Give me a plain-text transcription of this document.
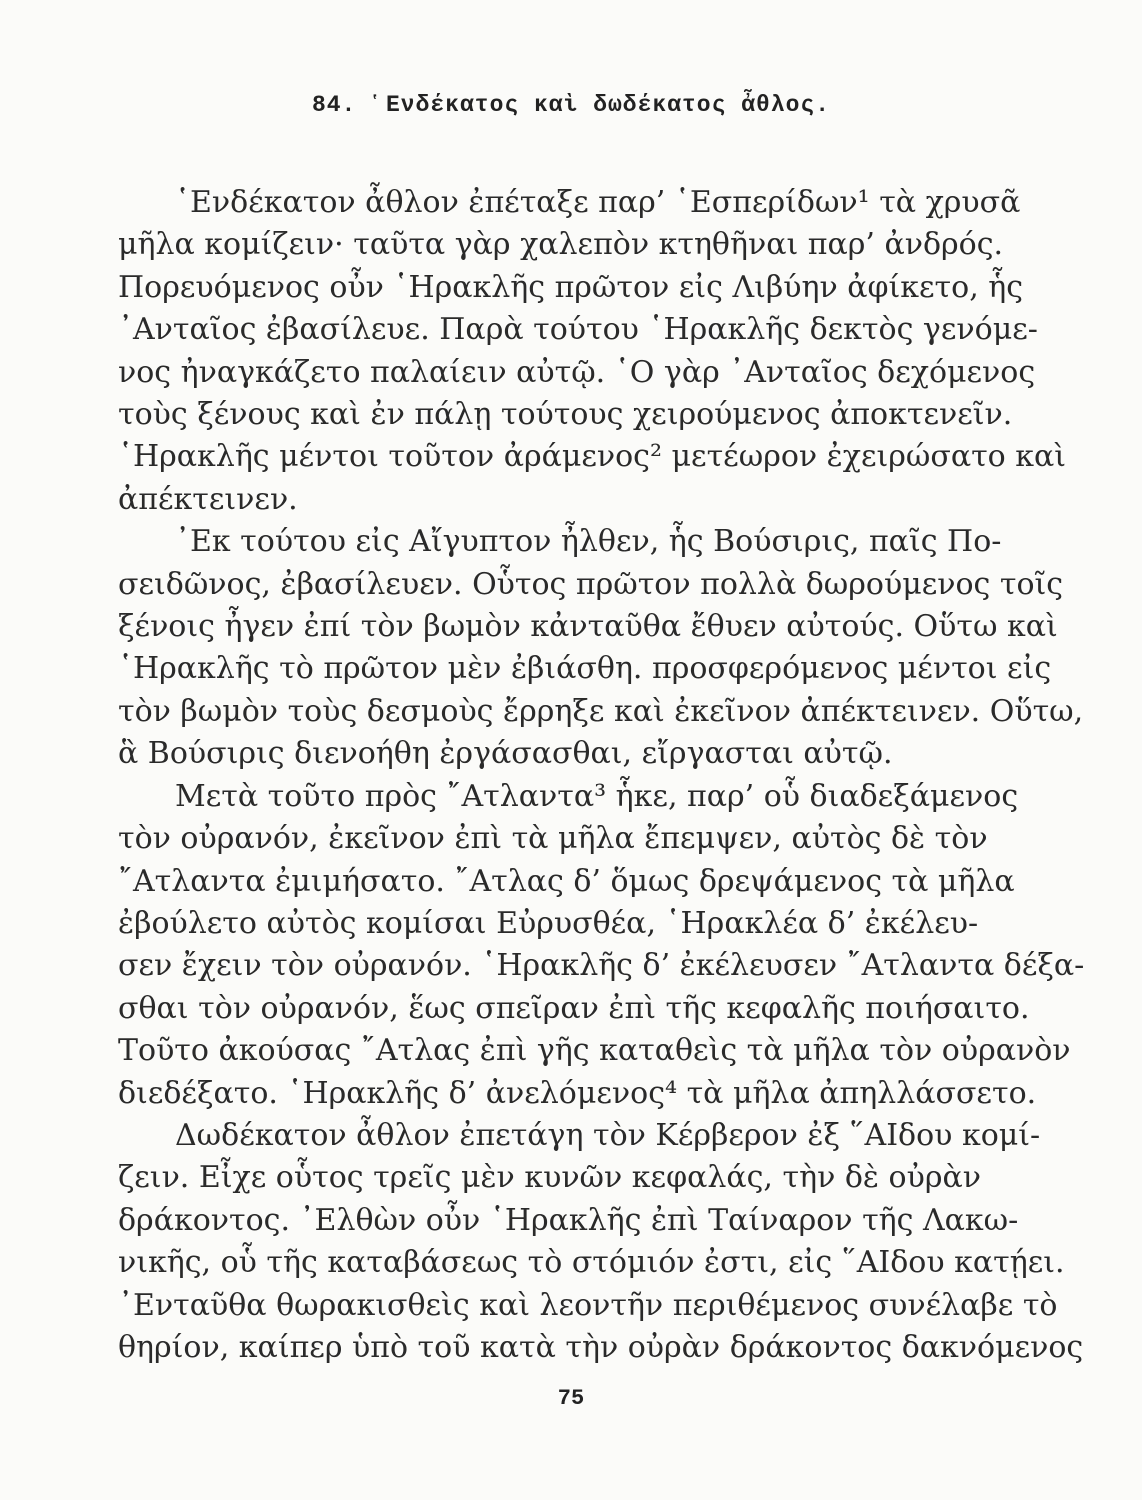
84. ῾Ενδέκατος καὶ δωδέκατος ἆθλος.
῾Ενδέκατον ἆθλον ἐπέταξε παρ’ ῾Εσπερίδων¹ τὰ χρυσᾶ
μῆλα κομίζειν· ταῦτα γὰρ χαλεπὸν κτηθῆναι παρ’ ἀνδρός.
Πορευόμενος οὖν ῾Ηρακλῆς πρῶτον εἰς Λιβύην ἀφίκετο, ἧς
᾿Ανταῖος ἐβασίλευε. Παρὰ τούτου ῾Ηρακλῆς δεκτὸς γενόμε-
νος ἠναγκάζετο παλαίειν αὐτῷ. ῾Ο γὰρ ᾿Ανταῖος δεχόμενος
τοὺς ξένους καὶ ἐν πάλῃ τούτους χειρούμενος ἀποκτενεῖν.
῾Ηρακλῆς μέντοι τοῦτον ἀράμενος² μετέωρον ἐχειρώσατο καὶ
ἀπέκτεινεν.
᾿Εκ τούτου εἰς Αἴγυπτον ἦλθεν, ἧς Βούσιρις, παῖς Πο-
σειδῶνος, ἐβασίλευεν. Οὗτος πρῶτον πολλὰ δωρούμενος τοῖς
ξένοις ἦγεν ἐπί τὸν βωμὸν κἀνταῦθα ἔθυεν αὐτούς. Οὕτω καὶ
῾Ηρακλῆς τὸ πρῶτον μὲν ἐβιάσθη. προσφερόμενος μέντοι εἰς
τὸν βωμὸν τοὺς δεσμοὺς ἔρρηξε καὶ ἐκεῖνον ἀπέκτεινεν. Οὕτω,
ἃ Βούσιρις διενοήθη ἐργάσασθαι, εἴργασται αὐτῷ.
Μετὰ τοῦτο πρὸς ῎Ατλαντα³ ἧκε, παρ’ οὗ διαδεξάμενος
τὸν οὐρανόν, ἐκεῖνον ἐπὶ τὰ μῆλα ἔπεμψεν, αὐτὸς δὲ τὸν
῎Ατλαντα ἐμιμήσατο. ῎Ατλας δ’ ὅμως δρεψάμενος τὰ μῆλα
ἐβούλετο αὐτὸς κομίσαι Εὐρυσθέα, ῾Ηρακλέα δ’ ἐκέλευ-
σεν ἔχειν τὸν οὐρανόν. ῾Ηρακλῆς δ’ ἐκέλευσεν ῎Ατλαντα δέξα-
σθαι τὸν οὐρανόν, ἕως σπεῖραν ἐπὶ τῆς κεφαλῆς ποιήσαιτο.
Τοῦτο ἀκούσας ῎Ατλας ἐπὶ γῆς καταθεὶς τὰ μῆλα τὸν οὐρανὸν
διεδέξατο. ῾Ηρακλῆς δ’ ἀνελόμενος⁴ τὰ μῆλα ἀπηλλάσσετο.
Δωδέκατον ἆθλον ἐπετάγη τὸν Κέρβερον ἐξ ῞ΑΙδου κομί-
ζειν. Εἶχε οὗτος τρεῖς μὲν κυνῶν κεφαλάς, τὴν δὲ οὐρὰν
δράκοντος. ᾿Ελθὼν οὖν ῾Ηρακλῆς ἐπὶ Ταίναρον τῆς Λακω-
νικῆς, οὗ τῆς καταβάσεως τὸ στόμιόν ἐστι, εἰς ῞ΑΙδου κατῄει.
᾿Ενταῦθα θωρακισθεὶς καὶ λεοντῆν περιθέμενος συνέλαβε τὸ
θηρίον, καίπερ ὑπὸ τοῦ κατὰ τὴν οὐρὰν δράκοντος δακνόμενος
75
